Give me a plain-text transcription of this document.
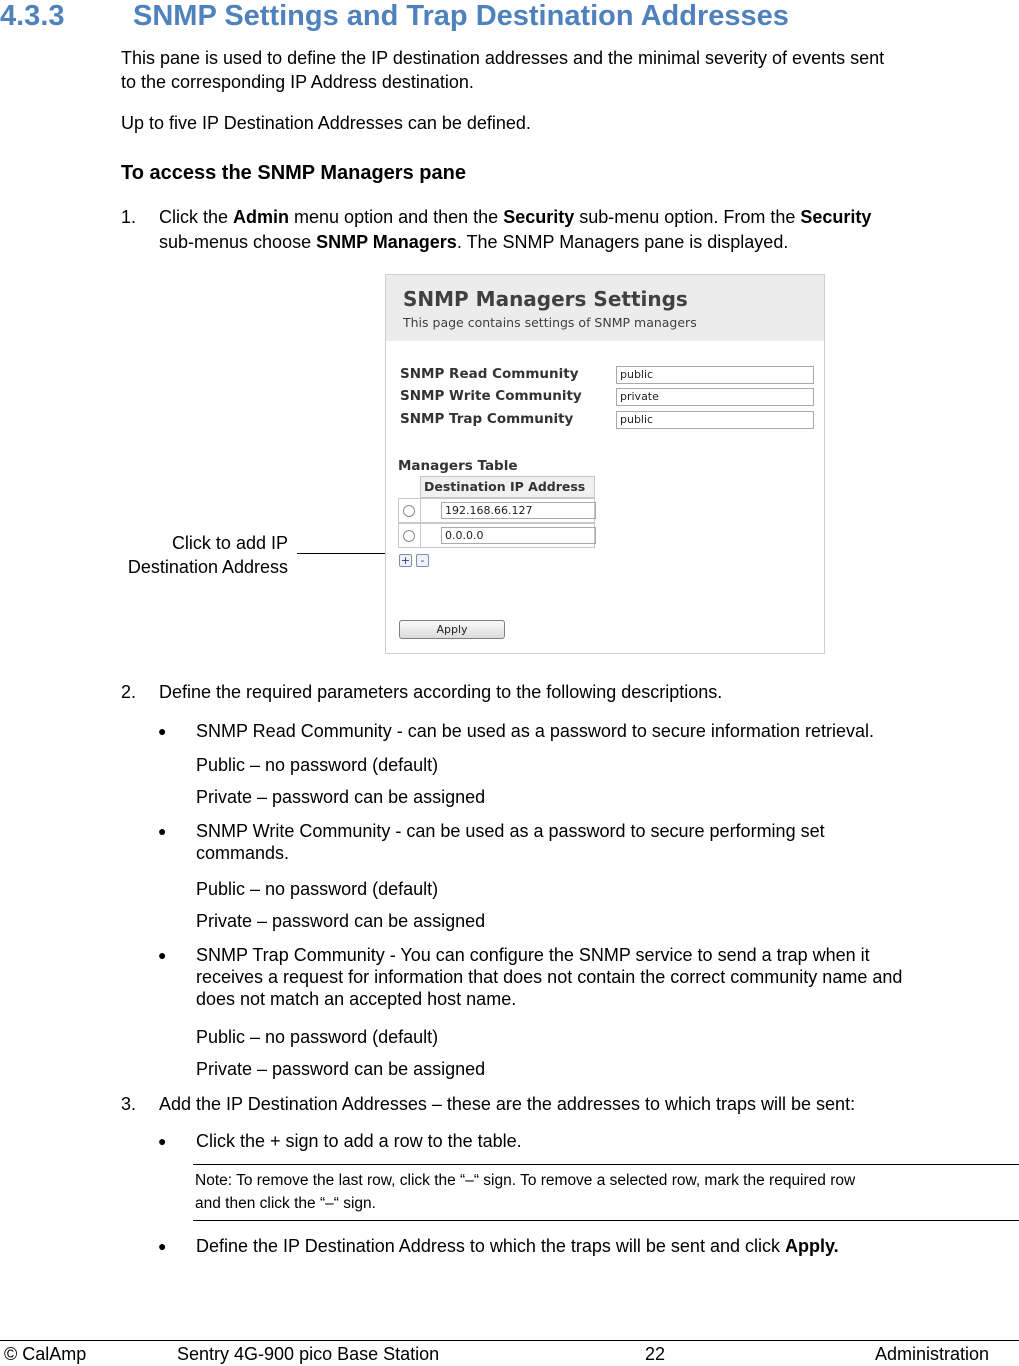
4.3.3 SNMP Settings and Trap Destination Addresses
This pane is used to define the IP destination addresses and the minimal severity of events sent
to the corresponding IP Address destination.
Up to five IP Destination Addresses can be defined.
To access the SNMP Managers pane
1. Click the Admin menu option and then the Security sub-menu option. From the Security
sub-menus choose SNMP Managers. The SNMP Managers pane is displayed.
SNMP Managers Settings
This page contains settings of SNMP managers
SNMP Read Community	public
SNMP Write Community	private
SNMP Trap Community	public
Managers Table
Destination IP Address
192.168.66.127
0.0.0.0
+ -
Apply
Click to add IP
Destination Address
2. Define the required parameters according to the following descriptions.
● SNMP Read Community - can be used as a password to secure information retrieval.
Public – no password (default)
Private – password can be assigned
● SNMP Write Community - can be used as a password to secure performing set
commands.
Public – no password (default)
Private – password can be assigned
● SNMP Trap Community - You can configure the SNMP service to send a trap when it
receives a request for information that does not contain the correct community name and
does not match an accepted host name.
Public – no password (default)
Private – password can be assigned
3. Add the IP Destination Addresses – these are the addresses to which traps will be sent:
● Click the + sign to add a row to the table.
Note: To remove the last row, click the “–“ sign. To remove a selected row, mark the required row
and then click the “–“ sign.
● Define the IP Destination Address to which the traps will be sent and click Apply.
© CalAmp	Sentry 4G-900 pico Base Station	22	Administration
